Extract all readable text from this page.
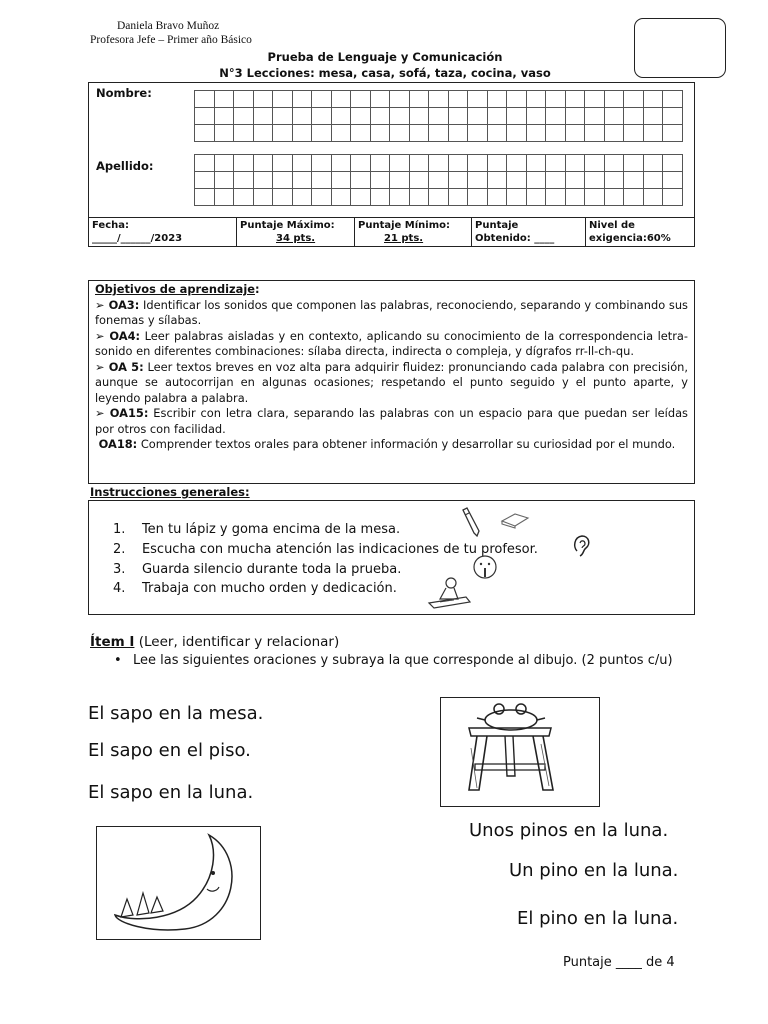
Daniela Bravo Muñoz
Profesora Jefe – Primer año Básico
Prueba de Lenguaje y Comunicación
N°3 Lecciones: mesa, casa, sofá, taza, cocina, vaso
Nombre:
Apellido:
Fecha:
_____/______/2023
Puntaje Máximo:
34 pts.
Puntaje Mínimo:
21 pts.
Puntaje
Obtenido: ____
Nivel de
exigencia:60%

Objetivos de aprendizaje:

➢ OA3: Identificar los sonidos que componen las palabras, reconociendo, separando y combinando sus fonemas y sílabas.

➢ OA4: Leer palabras aisladas y en contexto, aplicando su conocimiento de la correspondencia letra- sonido en diferentes combinaciones: sílaba directa, indirecta o compleja, y dígrafos rr-ll-ch-qu.

➢ OA 5: Leer textos breves en voz alta para adquirir fluidez: pronunciando cada palabra con precisión, aunque se autocorrijan en algunas ocasiones; respetando el punto seguido y el punto aparte, y leyendo palabra a palabra.

➢ OA15: Escribir con letra clara, separando las palabras con un espacio para que puedan ser leídas por otros con facilidad.

OA18: Comprender textos orales para obtener información y desarrollar su curiosidad por el mundo.

Instrucciones generales:
1.    Ten tu lápiz y goma encima de la mesa.
2.    Escucha con mucha atención las indicaciones de tu profesor.
3.    Guarda silencio durante toda la prueba.
4.    Trabaja con mucho orden y dedicación.
Ítem I (Leer, identificar y relacionar)
• Lee las siguientes oraciones y subraya la que corresponde al dibujo. (2 puntos c/u)
El sapo en la mesa.
El sapo en el piso.
El sapo en la luna.
Unos pinos en la luna.
Un pino en la luna.
El pino en la luna.
Puntaje ____ de 4
